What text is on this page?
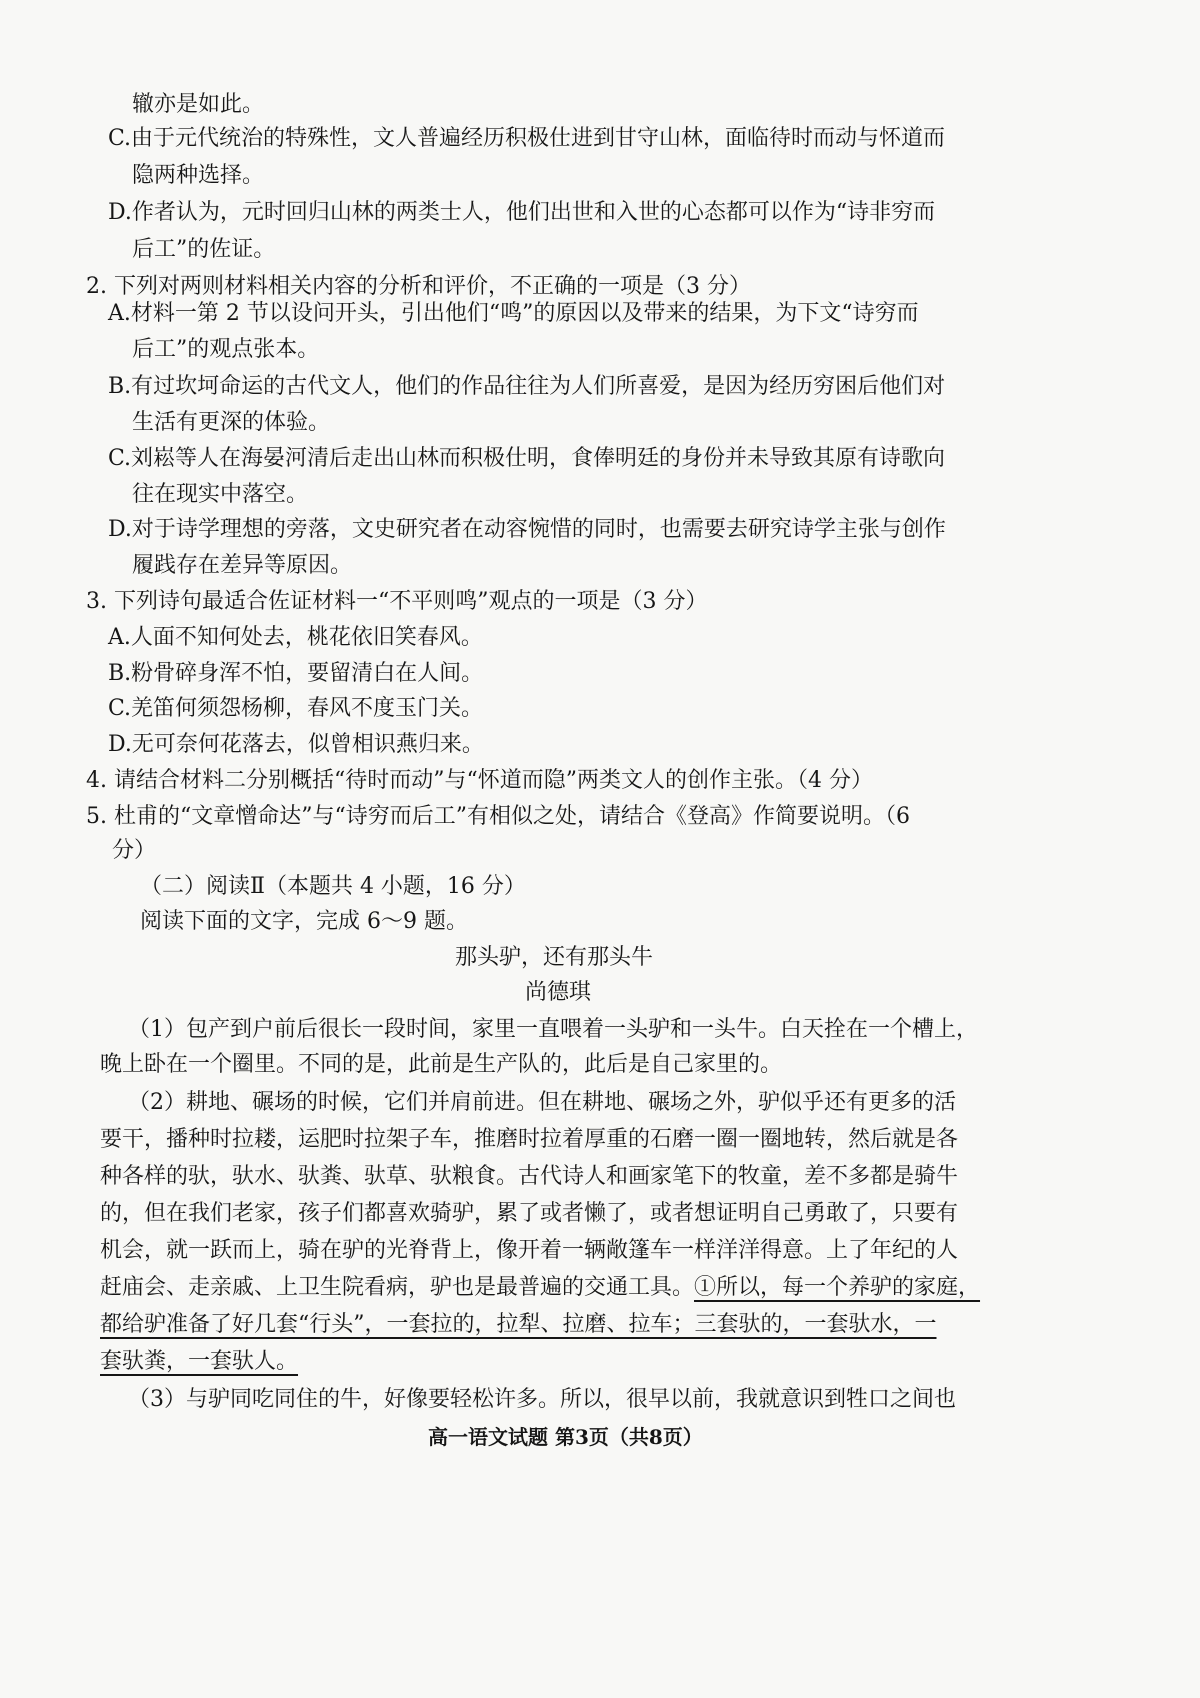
辙亦是如此。
C.由于元代统治的特殊性，文人普遍经历积极仕进到甘守山林，面临待时而动与怀道而
隐两种选择。
D.作者认为，元时回归山林的两类士人，他们出世和入世的心态都可以作为“诗非穷而
后工”的佐证。
2. 下列对两则材料相关内容的分析和评价，不正确的一项是（3 分）
A.材料一第 2 节以设问开头，引出他们“鸣”的原因以及带来的结果，为下文“诗穷而
后工”的观点张本。
B.有过坎坷命运的古代文人，他们的作品往往为人们所喜爱，是因为经历穷困后他们对
生活有更深的体验。
C.刘崧等人在海晏河清后走出山林而积极仕明，食俸明廷的身份并未导致其原有诗歌向
往在现实中落空。
D.对于诗学理想的旁落，文史研究者在动容惋惜的同时，也需要去研究诗学主张与创作
履践存在差异等原因。
3. 下列诗句最适合佐证材料一“不平则鸣”观点的一项是（3 分）
A.人面不知何处去，桃花依旧笑春风。
B.粉骨碎身浑不怕，要留清白在人间。
C.羌笛何须怨杨柳，春风不度玉门关。
D.无可奈何花落去，似曾相识燕归来。
4. 请结合材料二分别概括“待时而动”与“怀道而隐”两类文人的创作主张。（4 分）
5. 杜甫的“文章憎命达”与“诗穷而后工”有相似之处，请结合《登高》作简要说明。（6
分）
（二）阅读Ⅱ（本题共 4 小题，16 分）
阅读下面的文字，完成 6～9 题。
那头驴，还有那头牛
尚德琪
（1）包产到户前后很长一段时间，家里一直喂着一头驴和一头牛。白天拴在一个槽上，
晚上卧在一个圈里。不同的是，此前是生产队的，此后是自己家里的。
（2）耕地、碾场的时候，它们并肩前进。但在耕地、碾场之外，驴似乎还有更多的活
要干，播种时拉耧，运肥时拉架子车，推磨时拉着厚重的石磨一圈一圈地转，然后就是各
种各样的驮，驮水、驮粪、驮草、驮粮食。古代诗人和画家笔下的牧童，差不多都是骑牛
的，但在我们老家，孩子们都喜欢骑驴，累了或者懒了，或者想证明自己勇敢了，只要有
机会，就一跃而上，骑在驴的光脊背上，像开着一辆敞篷车一样洋洋得意。上了年纪的人
赶庙会、走亲戚、上卫生院看病，驴也是最普遍的交通工具。①所以，每一个养驴的家庭，
都给驴准备了好几套“行头”，一套拉的，拉犁、拉磨、拉车；三套驮的，一套驮水，一
套驮粪，一套驮人。
（3）与驴同吃同住的牛，好像要轻松许多。所以，很早以前，我就意识到牲口之间也
高一语文试题 第3页（共8页）
